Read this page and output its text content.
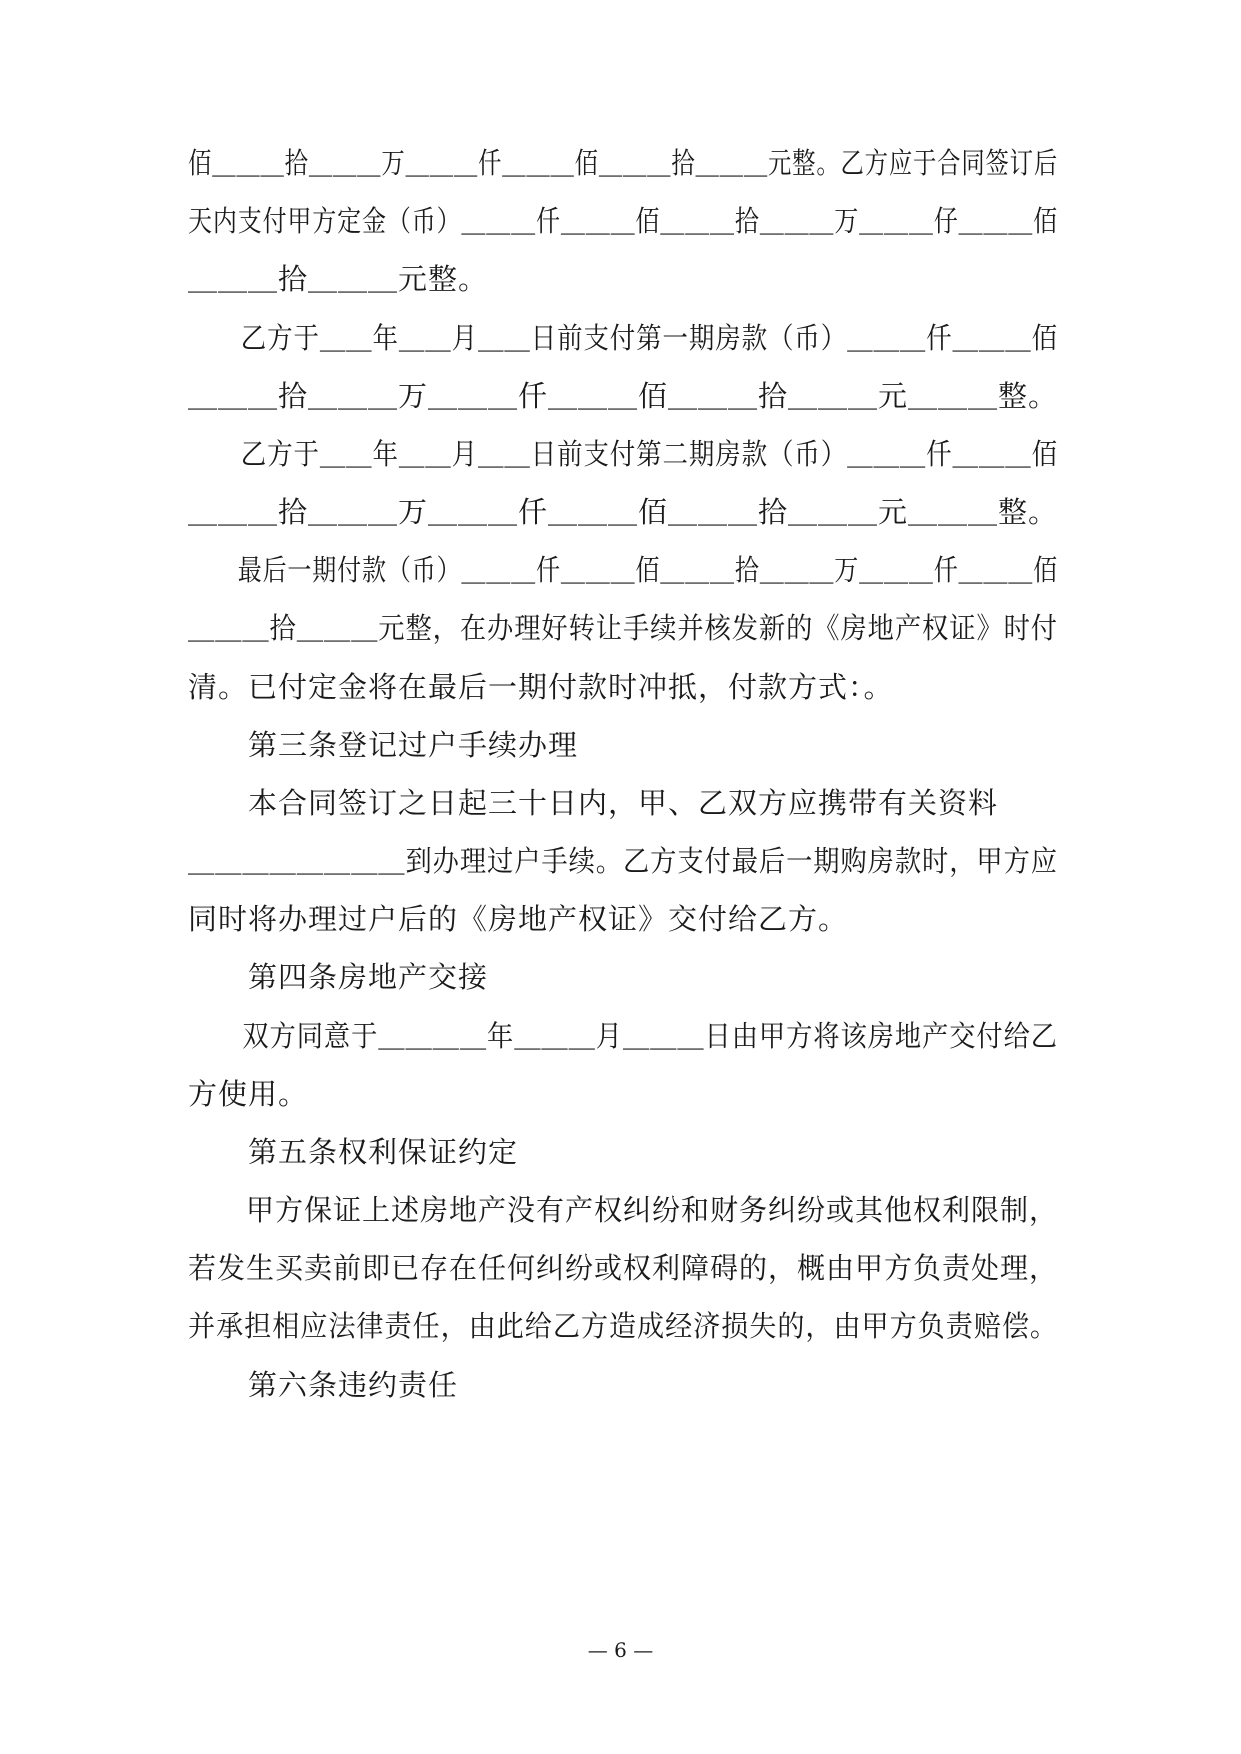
佰＿＿＿拾＿＿＿万＿＿＿仟＿＿＿佰＿＿＿拾＿＿＿元整。乙方应于合同签订后
天内支付甲方定金（币）＿＿＿仟＿＿＿佰＿＿＿拾＿＿＿万＿＿＿仔＿＿＿佰
＿＿＿拾＿＿＿元整。
　　乙方于＿＿年＿＿月＿＿日前支付第一期房款（币）＿＿＿仟＿＿＿佰
＿＿＿拾＿＿＿万＿＿＿仟＿＿＿佰＿＿＿拾＿＿＿元＿＿＿整。
　　乙方于＿＿年＿＿月＿＿日前支付第二期房款（币）＿＿＿仟＿＿＿佰
＿＿＿拾＿＿＿万＿＿＿仟＿＿＿佰＿＿＿拾＿＿＿元＿＿＿整。
　　最后一期付款（币）＿＿＿仟＿＿＿佰＿＿＿拾＿＿＿万＿＿＿仟＿＿＿佰
＿＿＿拾＿＿＿元整，在办理好转让手续并核发新的《房地产权证》时付
清。已付定金将在最后一期付款时冲抵，付款方式：。
　　第三条登记过户手续办理
　　本合同签订之日起三十日内，甲、乙双方应携带有关资料
＿＿＿＿＿＿＿＿到办理过户手续。乙方支付最后一期购房款时，甲方应
同时将办理过户后的《房地产权证》交付给乙方。
　　第四条房地产交接
　　双方同意于＿＿＿＿年＿＿＿月＿＿＿日由甲方将该房地产交付给乙
方使用。
　　第五条权利保证约定
　　甲方保证上述房地产没有产权纠纷和财务纠纷或其他权利限制，
若发生买卖前即已存在任何纠纷或权利障碍的，概由甲方负责处理，
并承担相应法律责任，由此给乙方造成经济损失的，由甲方负责赔偿。
　　第六条违约责任
— 6 —
